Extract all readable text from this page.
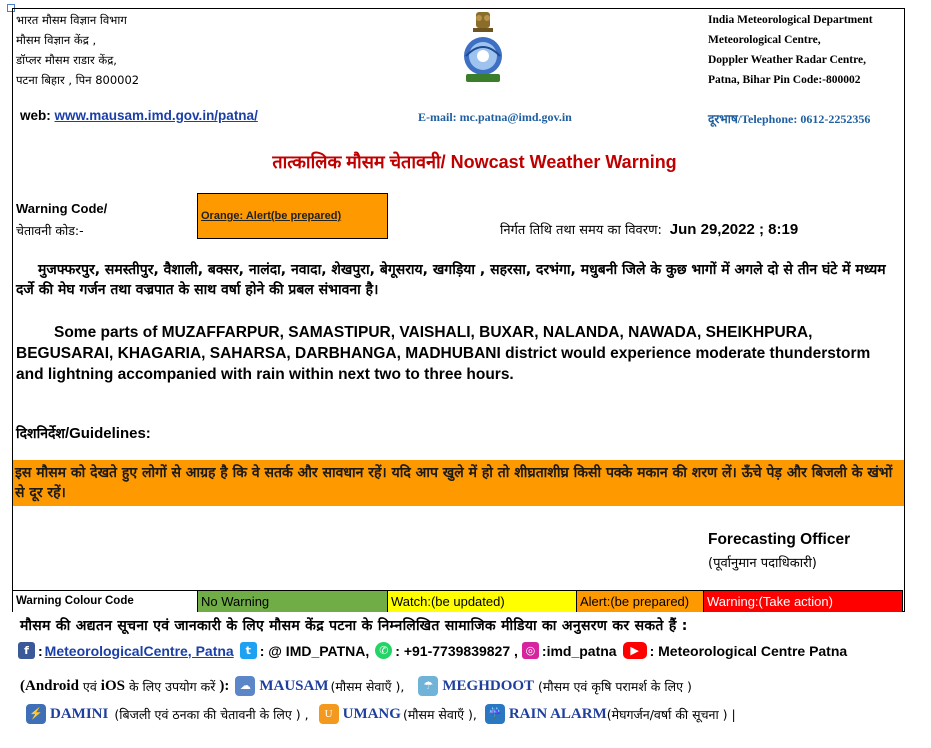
भारत मौसम विज्ञान विभाग
मौसम विज्ञान केंद्र ,
डॉप्लर मौसम राडार केंद्र,
पटना बिहार , पिन 800002
India Meteorological Department
Meteorological Centre,
Doppler Weather Radar Centre,
Patna, Bihar Pin Code:-800002
web: www.mausam.imd.gov.in/patna/	E-mail: mc.patna@imd.gov.in	दूरभाष/Telephone: 0612-2252356
तात्कालिक मौसम चेतावनी/ Nowcast Weather Warning
Warning Code/
चेतावनी कोड:-
Orange: Alert(be prepared)
निर्गत तिथि तथा समय का विवरण: Jun 29,2022 ; 8:19
मुजफ्फरपुर, समस्तीपुर, वैशाली, बक्सर, नालंदा, नवादा, शेखपुरा, बेगूसराय, खगड़िया , सहरसा, दरभंगा, मधुबनी जिले के कुछ भागों में अगले दो से तीन घंटे में मध्यम दर्जे की मेघ गर्जन तथा वज्रपात के साथ वर्षा होने की प्रबल संभावना है।
Some parts of MUZAFFARPUR, SAMASTIPUR, VAISHALI, BUXAR, NALANDA, NAWADA, SHEIKHPURA, BEGUSARAI, KHAGARIA, SAHARSA, DARBHANGA, MADHUBANI district would experience moderate thunderstorm and lightning accompanied with rain within next two to three hours.
दिशनिर्देश/Guidelines:
इस मौसम को देखते हुए लोगों से आग्रह है कि वे सतर्क और सावधान रहें। यदि आप खुले में हो तो शीघ्रताशीघ्र किसी पक्के मकान की शरण लें। ऊँचे पेड़ और बिजली के खंभों से दूर रहें।
Forecasting Officer
(पूर्वानुमान पदाधिकारी)
Warning Colour Code	No Warning	Watch:(be updated)	Alert:(be prepared)	Warning:(Take action)
मौसम की अद्यतन सूचना एवं जानकारी के लिए मौसम केंद्र पटना के निम्नलिखित सामाजिक मीडिया का अनुसरण कर सकते हैं :
f : MeteorologicalCentre, Patna	t : @ IMD_PATNA, ✆ : +91-7739839827 , ◎ :imd_patna	▶ : Meteorological Centre Patna
(Android एवं iOS के लिए उपयोग करें ): ☁ MAUSAM (मौसम सेवाएँ ),	☂ MEGHDOOT (मौसम एवं कृषि परामर्श के लिए )
⚡ DAMINI (बिजली एवं ठनका की चेतावनी के लिए ) ,	U UMANG (मौसम सेवाएँ ), ☔ RAIN ALARM (मेघगर्जन/वर्षा की सूचना ) |
